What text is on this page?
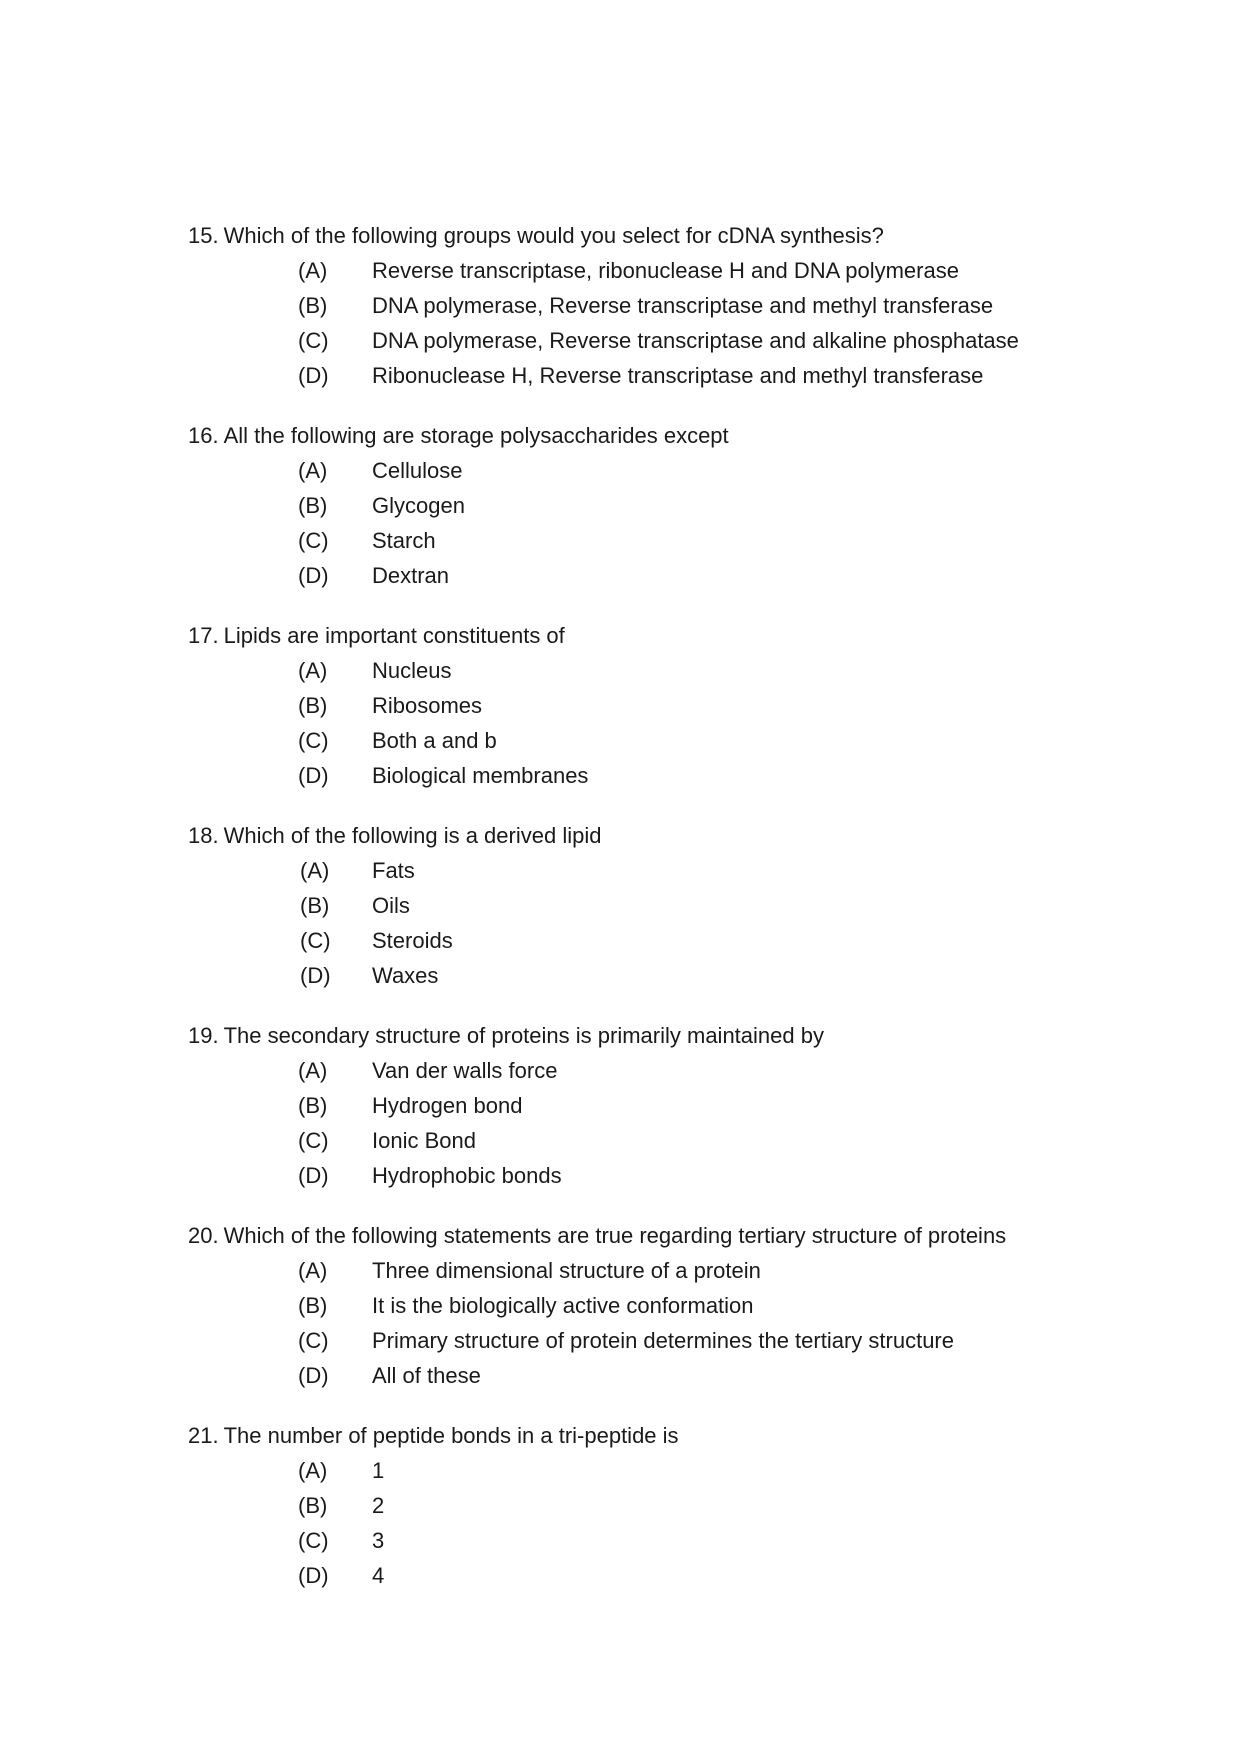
15. Which of the following groups would you select for cDNA synthesis?
(A) Reverse transcriptase, ribonuclease H and DNA polymerase
(B) DNA polymerase, Reverse transcriptase and methyl transferase
(C) DNA polymerase, Reverse transcriptase and alkaline phosphatase
(D) Ribonuclease H, Reverse transcriptase and methyl transferase
16. All the following are storage polysaccharides except
(A) Cellulose
(B) Glycogen
(C) Starch
(D) Dextran
17. Lipids are important constituents of
(A) Nucleus
(B) Ribosomes
(C) Both a and b
(D) Biological membranes
18. Which of the following is a derived lipid
(A) Fats
(B) Oils
(C) Steroids
(D) Waxes
19. The secondary structure of proteins is primarily maintained by
(A) Van der walls force
(B) Hydrogen bond
(C) Ionic Bond
(D) Hydrophobic bonds
20. Which of the following statements are true regarding tertiary structure of proteins
(A) Three dimensional structure of a protein
(B) It is the biologically active conformation
(C) Primary structure of protein determines the tertiary structure
(D) All of these
21. The number of peptide bonds in a tri-peptide is
(A) 1
(B) 2
(C) 3
(D) 4
